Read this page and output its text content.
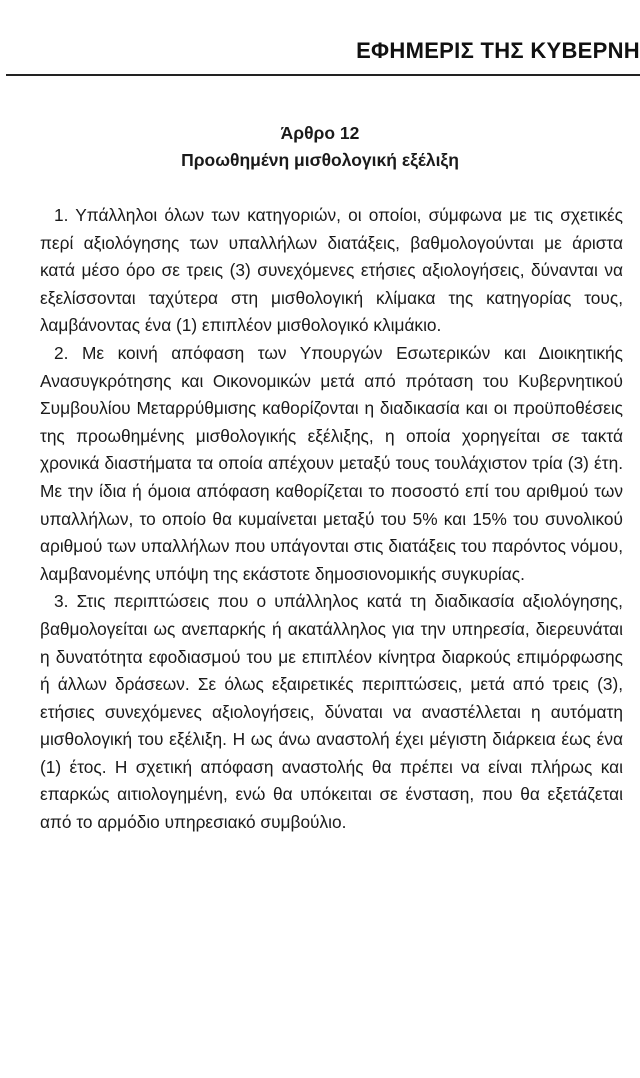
ΕΦΗΜΕΡΙΣ ΤΗΣ ΚΥΒΕΡΝΗ
Άρθρο 12
Προωθημένη μισθολογική εξέλιξη

1. Υπάλληλοι όλων των κατηγοριών, οι οποίοι, σύμφωνα με τις σχετικές περί αξιολόγησης των υπαλλήλων διατάξεις, βαθμολογούνται με άριστα κατά μέσο όρο σε τρεις (3) συνεχόμενες ετήσιες αξιολογήσεις, δύνανται να εξελίσσονται ταχύτερα στη μισθολογική κλίμακα της κατηγορίας τους, λαμβάνοντας ένα (1) επιπλέον μισθολογικό κλιμάκιο.

2. Με κοινή απόφαση των Υπουργών Εσωτερικών και Διοικητικής Ανασυγκρότησης και Οικονομικών μετά από πρόταση του Κυβερνητικού Συμβουλίου Μεταρρύθμισης καθορίζονται η διαδικασία και οι προϋποθέσεις της προωθημένης μισθολογικής εξέλιξης, η οποία χορηγείται σε τακτά χρονικά διαστήματα τα οποία απέχουν μεταξύ τους τουλάχιστον τρία (3) έτη. Με την ίδια ή όμοια απόφαση καθορίζεται το ποσοστό επί του αριθμού των υπαλλήλων, το οποίο θα κυμαίνεται μεταξύ του 5% και 15% του συνολικού αριθμού των υπαλλήλων που υπάγονται στις διατάξεις του παρόντος νόμου, λαμβανομένης υπόψη της εκάστοτε δημοσιονομικής συγκυρίας.

3. Στις περιπτώσεις που ο υπάλληλος κατά τη διαδικασία αξιολόγησης, βαθμολογείται ως ανεπαρκής ή ακατάλληλος για την υπηρεσία, διερευνάται η δυνατότητα εφοδιασμού του με επιπλέον κίνητρα διαρκούς επιμόρφωσης ή άλλων δράσεων. Σε όλως εξαιρετικές περιπτώσεις, μετά από τρεις (3), ετήσιες συνεχόμενες αξιολογήσεις, δύναται να αναστέλλεται η αυτόματη μισθολογική του εξέλιξη. Η ως άνω αναστολή έχει μέγιστη διάρκεια έως ένα (1) έτος. Η σχετική απόφαση αναστολής θα πρέπει να είναι πλήρως και επαρκώς αιτιολογημένη, ενώ θα υπόκειται σε ένσταση, που θα εξετάζεται από το αρμόδιο υπηρεσιακό συμβούλιο.
